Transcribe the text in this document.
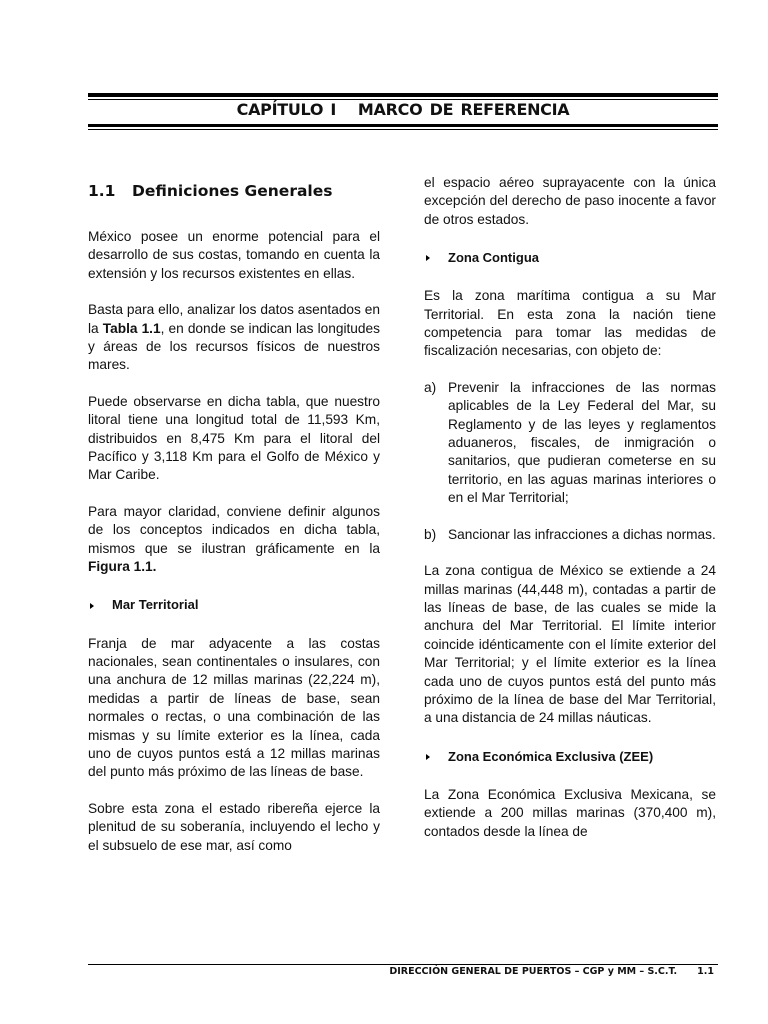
CAPÍTULO I   MARCO DE REFERENCIA
1.1 Definiciones Generales

México posee un enorme potencial para el desarrollo de sus costas, tomando en cuenta la extensión y los recursos existentes en ellas.

Basta para ello, analizar los datos asentados en la Tabla 1.1, en donde se indican las longitudes y áreas de los recursos físicos de nuestros mares.

Puede observarse en dicha tabla, que nuestro litoral tiene una longitud total de 11,593 Km, distribuidos en 8,475 Km para el litoral del Pacífico y 3,118 Km para el Golfo de México y Mar Caribe.

Para mayor claridad, conviene definir algunos de los conceptos indicados en dicha tabla, mismos que se ilustran gráficamente en la Figura 1.1.

Mar Territorial

Franja de mar adyacente a las costas nacionales, sean continentales o insulares, con una anchura de 12 millas marinas (22,224 m), medidas a partir de líneas de base, sean normales o rectas, o una combinación de las mismas y su límite exterior es la línea, cada uno de cuyos puntos está a 12 millas marinas del punto más próximo de las líneas de base.

Sobre esta zona el estado ribereña ejerce la plenitud de su soberanía, incluyendo el lecho y el subsuelo de ese mar, así como

el espacio aéreo suprayacente con la única excepción del derecho de paso inocente a favor de otros estados.

Zona Contigua

Es la zona marítima contigua a su Mar Territorial. En esta zona la nación tiene competencia para tomar las medidas de fiscalización necesarias, con objeto de:

a) Prevenir la infracciones de las normas aplicables de la Ley Federal del Mar, su Reglamento y de las leyes y reglamentos aduaneros, fiscales, de inmigración o sanitarios, que pudieran cometerse en su territorio, en las aguas marinas interiores o en el Mar Territorial;
b) Sancionar las infracciones a dichas normas.

La zona contigua de México se extiende a 24 millas marinas (44,448 m), contadas a partir de las líneas de base, de las cuales se mide la anchura del Mar Territorial. El límite interior coincide idénticamente con el límite exterior del Mar Territorial; y el límite exterior es la línea cada uno de cuyos puntos está del punto más próximo de la línea de base del Mar Territorial, a una distancia de 24 millas náuticas.

Zona Económica Exclusiva (ZEE)

La Zona Económica Exclusiva Mexicana, se extiende a 200 millas marinas (370,400 m), contados desde la línea de

DIRECCIÓN GENERAL DE PUERTOS – CGP y MM – S.C.T. 1.1
